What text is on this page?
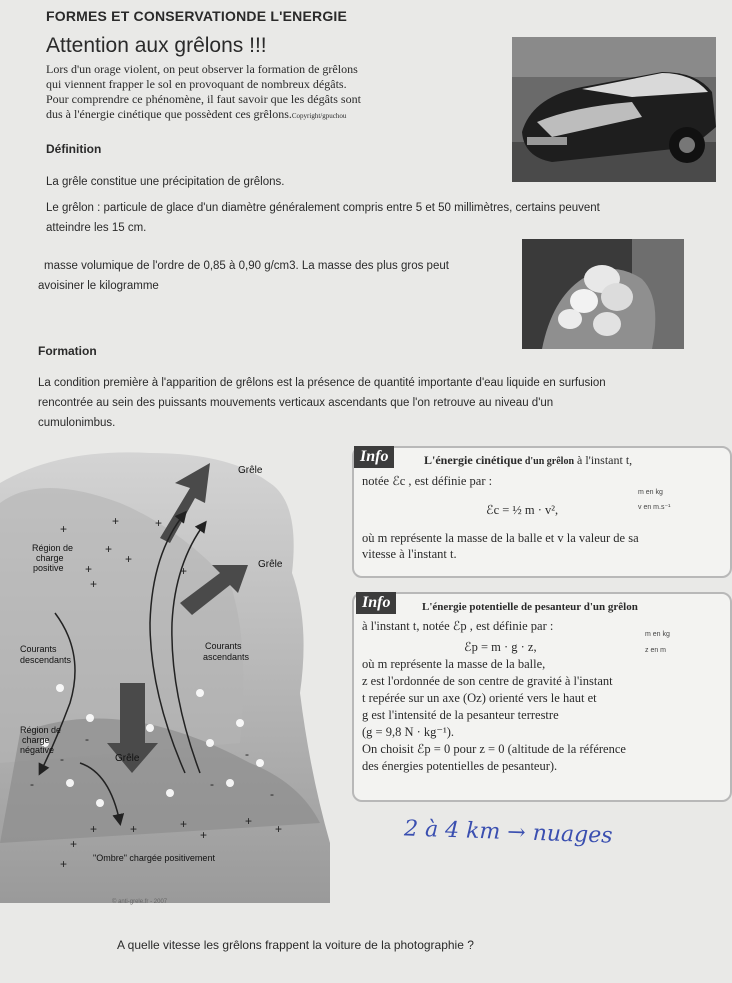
FORMES ET CONSERVATIONDE L'ENERGIE
Attention aux grêlons !!!
Lors d'un orage violent, on peut observer la formation de grêlons
qui viennent frapper le sol en provoquant de nombreux dégâts.
Pour comprendre ce phénomène, il faut savoir que les dégâts sont
dus à l'énergie cinétique que possèdent ces grêlons.Copyright/gpuchou
Définition
La grêle constitue une précipitation de grêlons.
Le grêlon : particule de glace d'un diamètre généralement compris entre 5 et 50 millimètres, certains peuvent
atteindre les 15 cm.
masse volumique de l'ordre de 0,85 à 0,90 g/cm3. La masse des plus gros peut
avoisiner le kilogramme
Formation
La condition première à l'apparition de grêlons est la présence de quantité importante d'eau liquide en surfusion
rencontrée au sein des puissants mouvements verticaux ascendants que l'on retrouve au niveau d'un
cumulonimbus.
+
+	+
+
+
+
+
+
+
+	+	+
+
+
+
+
-
-
-
-
-
-
Grêle
Grêle
Grêle
Région de
charge
positive
Courants
descendants
Courants
ascendants
Région de
charge
négative
"Ombre" chargée positivement
© anti-grele.fr - 2007
Info	L'énergie cinétique d'un grêlon à l'instant t,
notée ℰc , est définie par :
ℰc = ½ m · v²,
m en kg
v en m.s⁻¹
où m représente la masse de la balle et v la valeur de sa
vitesse à l'instant t.
Info	L'énergie potentielle de pesanteur d'un grêlon
à l'instant t, notée ℰp , est définie par :
ℰp = m · g · z,
m en kg
z en m
où m représente la masse de la balle,
z est l'ordonnée de son centre de gravité à l'instant
t repérée sur un axe (Oz) orienté vers le haut et
g est l'intensité de la pesanteur terrestre
(g = 9,8 N · kg⁻¹).
On choisit ℰp = 0 pour z = 0 (altitude de la référence
des énergies potentielles de pesanteur).
2 à 4 km → nuages
A quelle vitesse les grêlons frappent la voiture de la photographie ?
